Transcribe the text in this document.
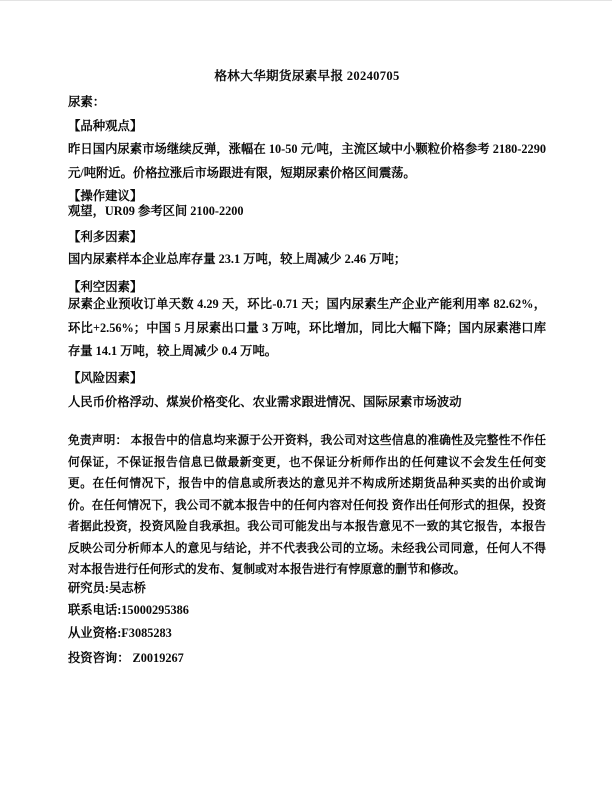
格林大华期货尿素早报 20240705
尿素：
【品种观点】
昨日国内尿素市场继续反弹，涨幅在 10-50 元/吨，主流区域中小颗粒价格参考 2180-2290 元/吨附近。价格拉涨后市场跟进有限，短期尿素价格区间震荡。
【操作建议】
观望，UR09 参考区间 2100-2200
【利多因素】
国内尿素样本企业总库存量 23.1 万吨，较上周减少 2.46 万吨；
【利空因素】
尿素企业预收订单天数 4.29 天，环比-0.71 天；国内尿素生产企业产能利用率 82.62%，环比+2.56%；中国 5 月尿素出口量 3 万吨，环比增加，同比大幅下降；国内尿素港口库存量 14.1 万吨，较上周减少 0.4 万吨。
【风险因素】
人民币价格浮动、煤炭价格变化、农业需求跟进情况、国际尿素市场波动
免责声明： 本报告中的信息均来源于公开资料，我公司对这些信息的准确性及完整性不作任何保证，不保证报告信息已做最新变更，也不保证分析师作出的任何建议不会发生任何变更。在任何情况下，报告中的信息或所表达的意见并不构成所述期货品种买卖的出价或询价。在任何情况下，我公司不就本报告中的任何内容对任何投 资作出任何形式的担保，投资者据此投资，投资风险自我承担。我公司可能发出与本报告意见不一致的其它报告，本报告反映公司分析师本人的意见与结论，并不代表我公司的立场。未经我公司同意，任何人不得对本报告进行任何形式的发布、复制或对本报告进行有悖原意的删节和修改。
研究员:吴志桥
联系电话:15000295386
从业资格:F3085283
投资咨询： Z0019267
